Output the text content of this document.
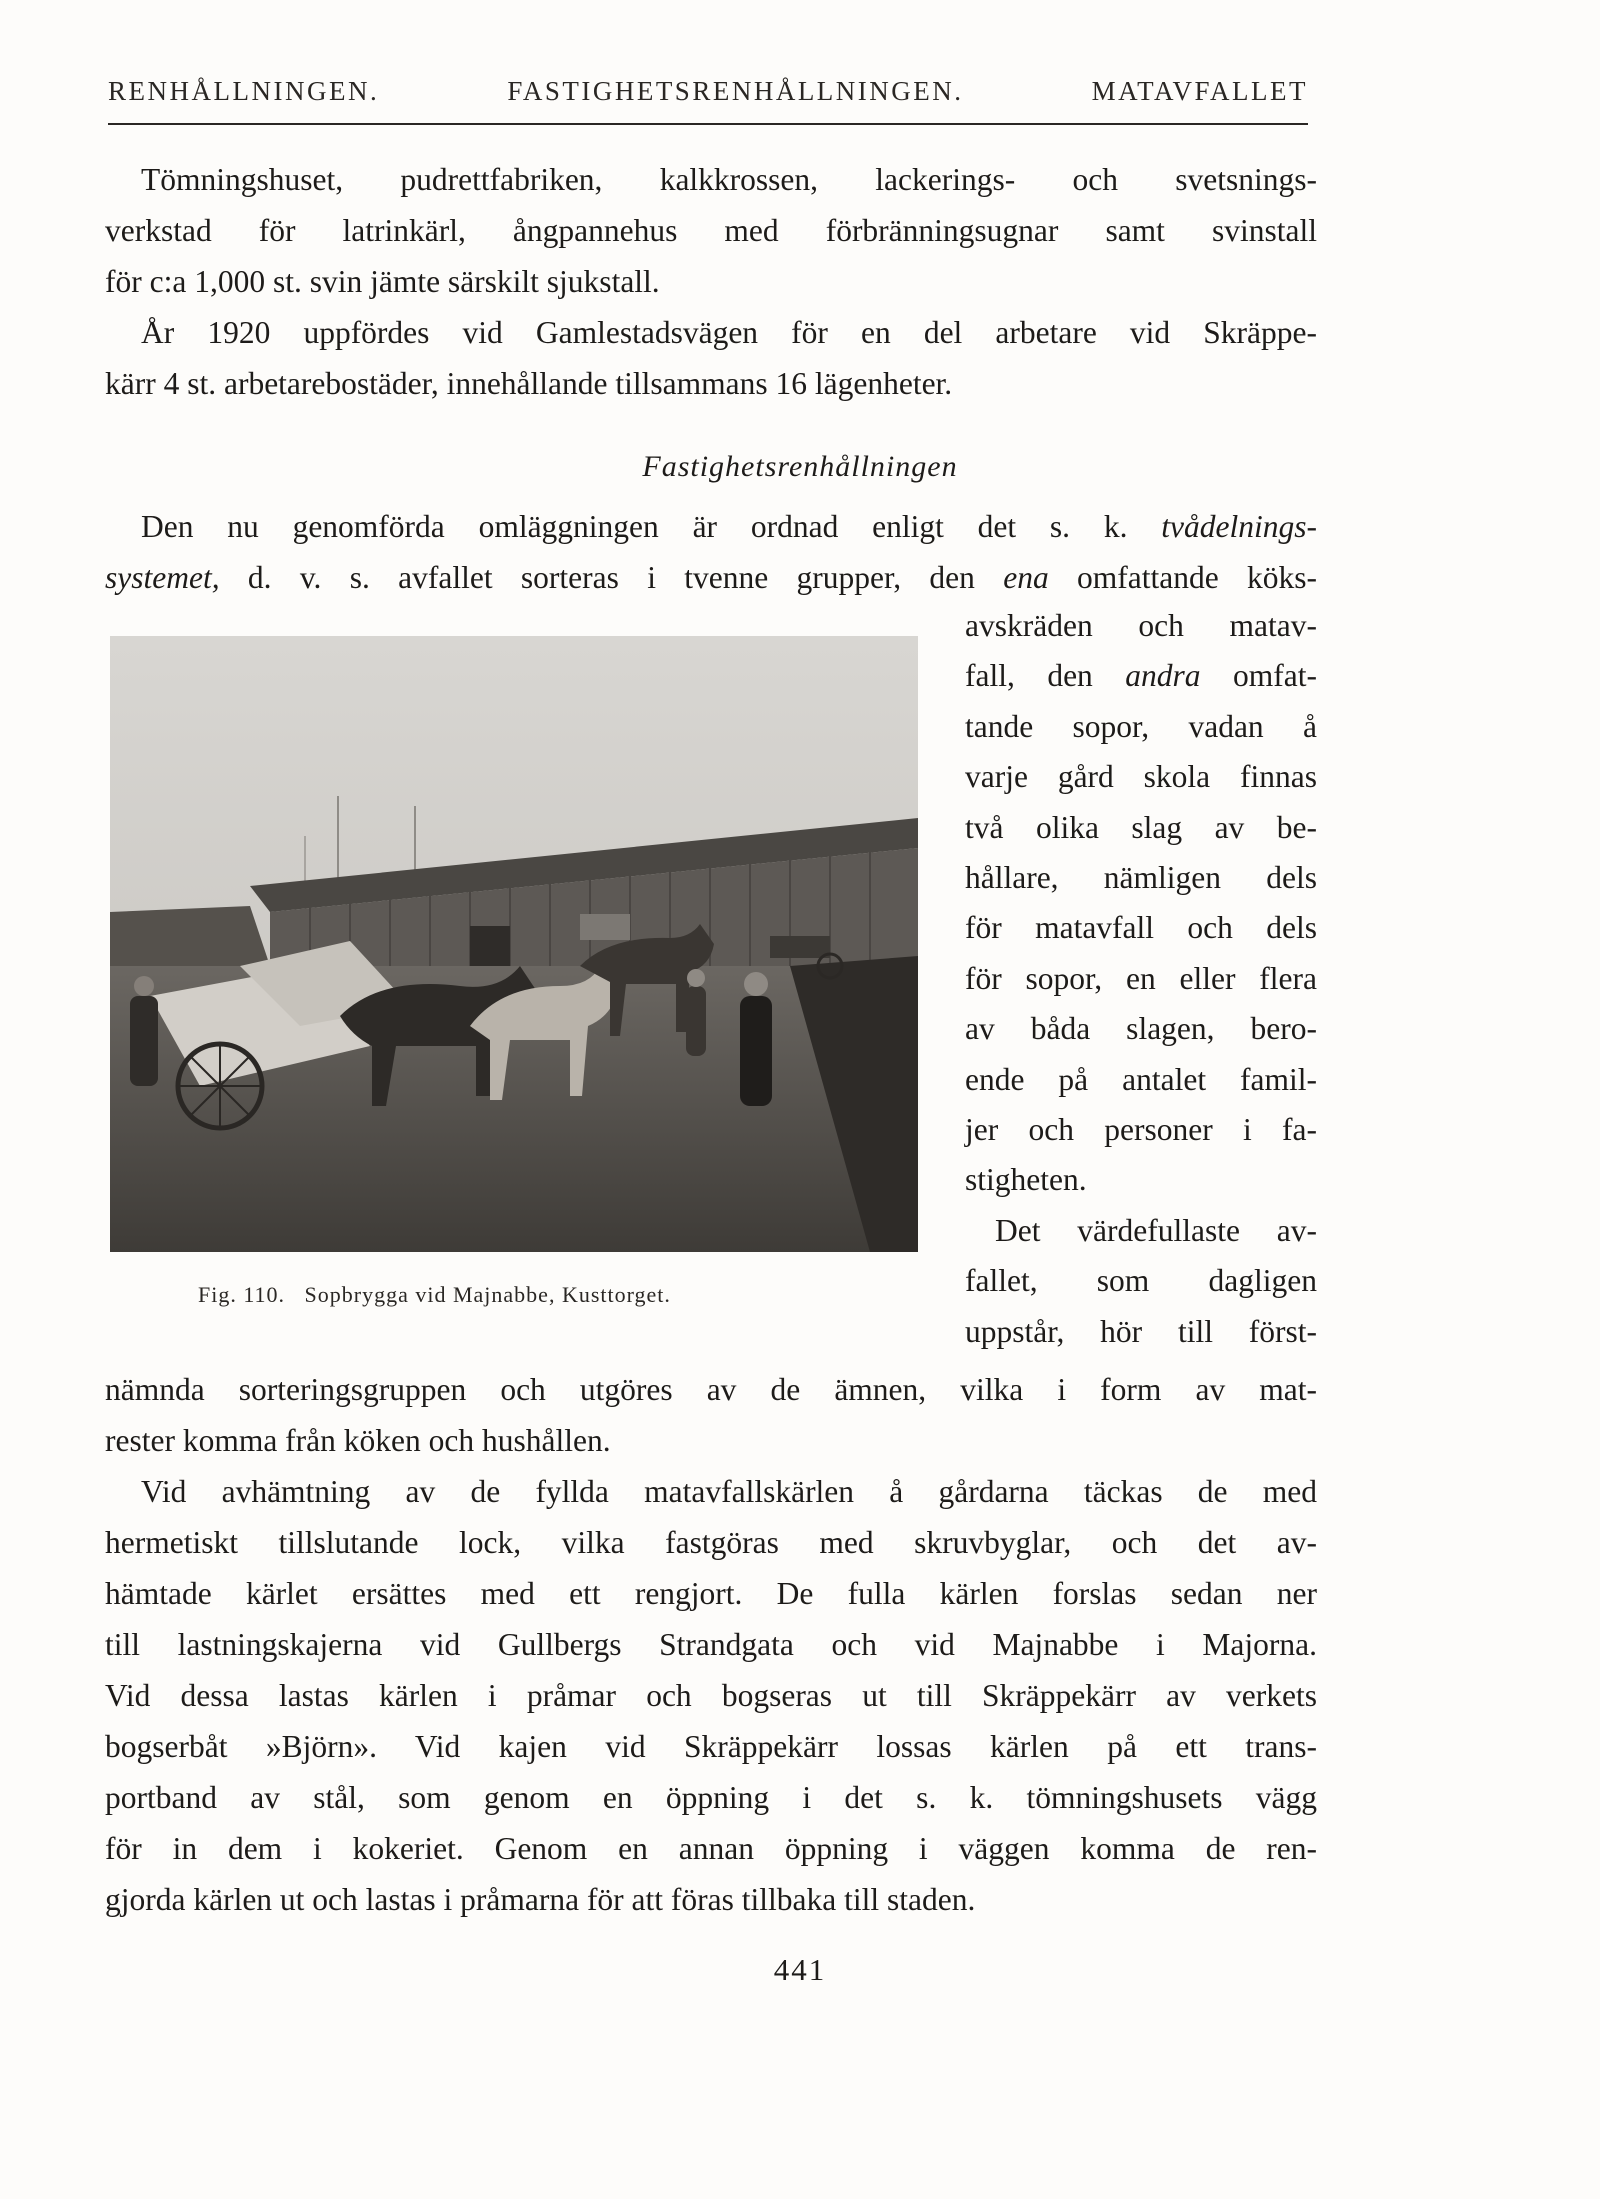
RENHÅLLNINGEN.	FASTIGHETSRENHÅLLNINGEN.	MATAVFALLET

Tömningshuset, pudrettfabriken, kalkkrossen, lackerings- och svetsnings-
verkstad för latrinkärl, ångpannehus med förbränningsugnar samt svinstall
för c:a 1,000 st. svin jämte särskilt sjukstall.

År 1920 uppfördes vid Gamlestadsvägen för en del arbetare vid Skräppe-
kärr 4 st. arbetarebostäder, innehållande tillsammans 16 lägenheter.

Fastighetsrenhållningen

Den nu genomförda omläggningen är ordnad enligt det s. k. tvådelnings-
systemet, d. v. s. avfallet sorteras i tvenne grupper, den ena omfattande köks-

Fig. 110. Sopbrygga vid Majnabbe, Kusttorget.
avskräden och matav-
fall, den andra omfat-
tande sopor, vadan å
varje gård skola finnas
två olika slag av be-
hållare, nämligen dels
för matavfall och dels
för sopor, en eller flera
av båda slagen, bero-
ende på antalet famil-
jer och personer i fa-
stigheten.
Det värdefullaste av-
fallet, som dagligen
uppstår, hör till först-

nämnda sorteringsgruppen och utgöres av de ämnen, vilka i form av mat-
rester komma från köken och hushållen.

Vid avhämtning av de fyllda matavfallskärlen å gårdarna täckas de med
hermetiskt tillslutande lock, vilka fastgöras med skruvbyglar, och det av-
hämtade kärlet ersättes med ett rengjort. De fulla kärlen forslas sedan ner
till lastningskajerna vid Gullbergs Strandgata och vid Majnabbe i Majorna.
Vid dessa lastas kärlen i pråmar och bogseras ut till Skräppekärr av verkets
bogserbåt »Björn». Vid kajen vid Skräppekärr lossas kärlen på ett trans-
portband av stål, som genom en öppning i det s. k. tömningshusets vägg
för in dem i kokeriet. Genom en annan öppning i väggen komma de ren-
gjorda kärlen ut och lastas i pråmarna för att föras tillbaka till staden.

441
